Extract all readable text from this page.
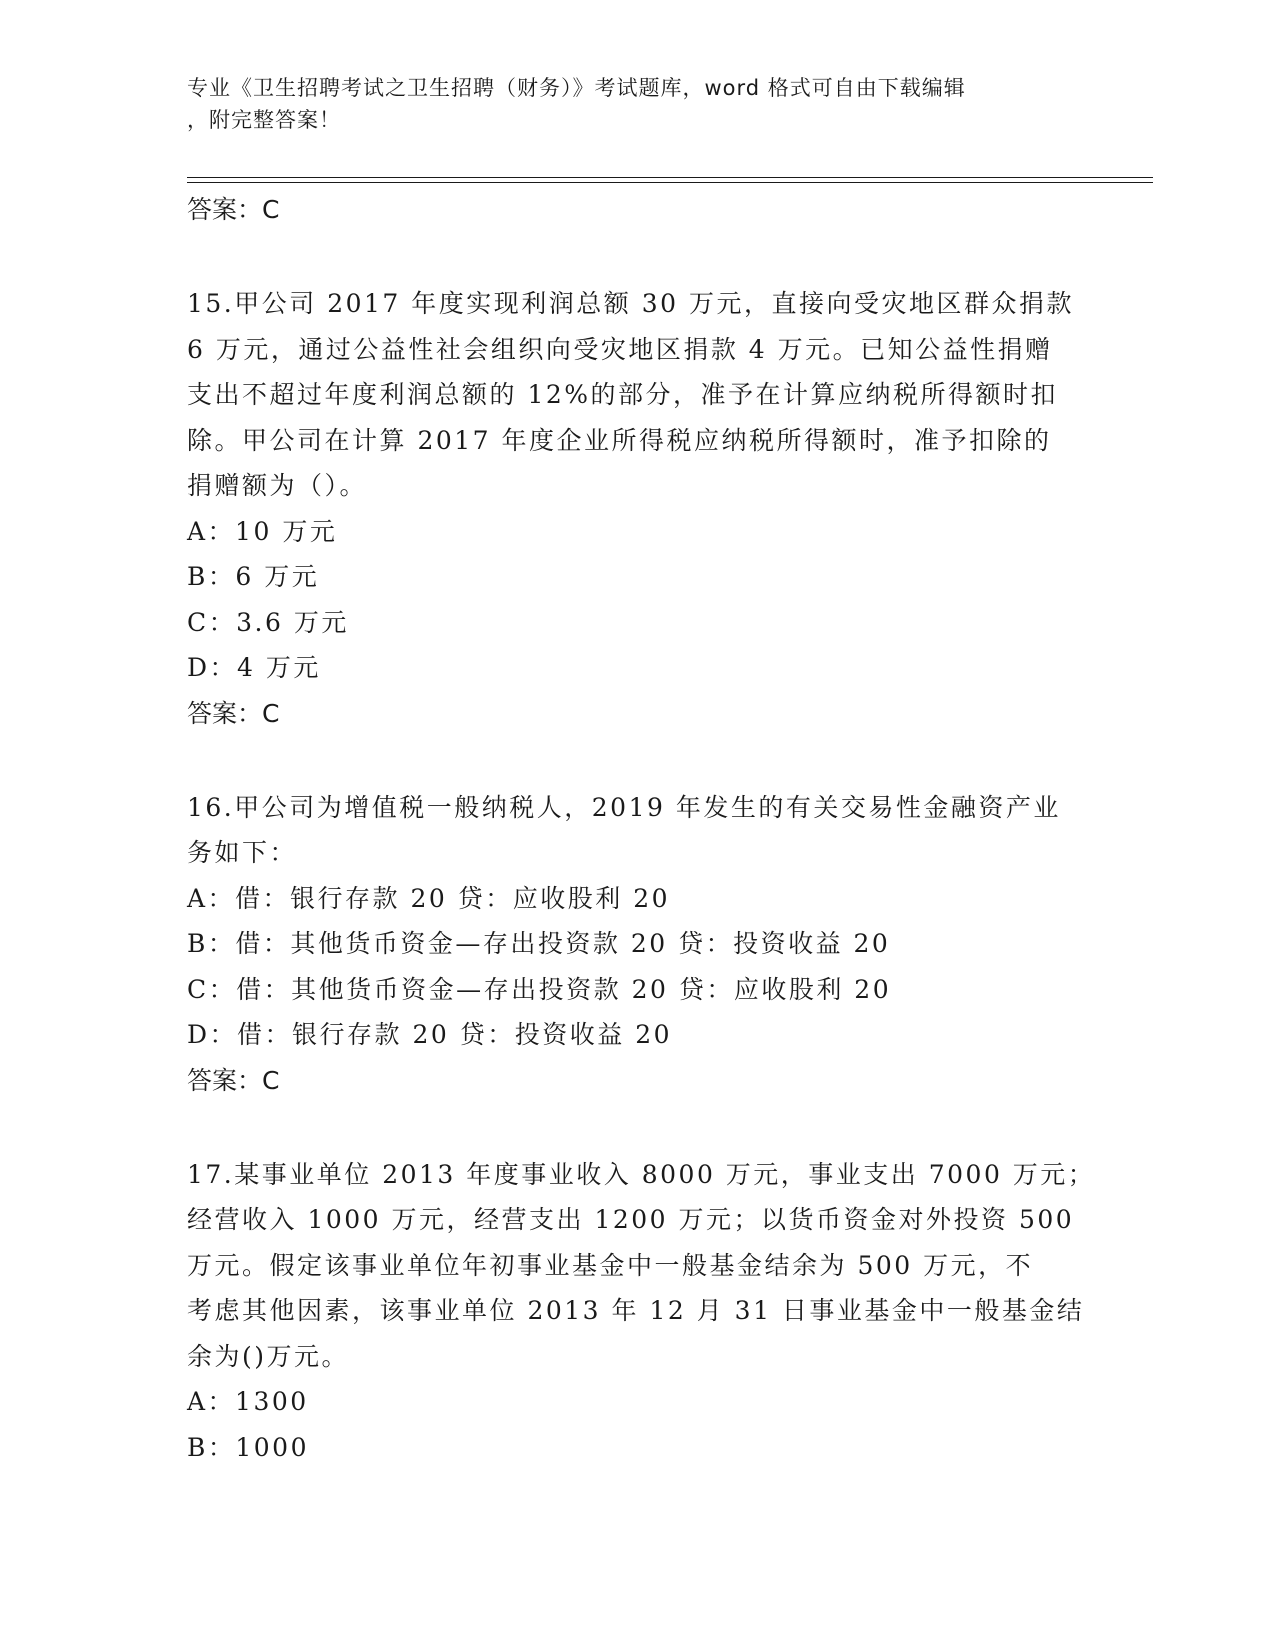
专业《卫生招聘考试之卫生招聘（财务）》考试题库，word 格式可自由下载编辑
，附完整答案！
答案：C
15.甲公司 2017 年度实现利润总额 30 万元，直接向受灾地区群众捐款
6 万元，通过公益性社会组织向受灾地区捐款 4 万元。已知公益性捐赠
支出不超过年度利润总额的 12%的部分，准予在计算应纳税所得额时扣
除。甲公司在计算 2017 年度企业所得税应纳税所得额时，准予扣除的
捐赠额为（）。
A：10 万元
B：6 万元
C：3.6 万元
D：4 万元
答案：C
16.甲公司为增值税一般纳税人，2019 年发生的有关交易性金融资产业
务如下：
A：借：银行存款 20 贷：应收股利 20
B：借：其他货币资金—存出投资款 20 贷：投资收益 20
C：借：其他货币资金—存出投资款 20 贷：应收股利 20
D：借：银行存款 20 贷：投资收益 20
答案：C
17.某事业单位 2013 年度事业收入 8000 万元，事业支出 7000 万元；
经营收入 1000 万元，经营支出 1200 万元；以货币资金对外投资 500
万元。假定该事业单位年初事业基金中一般基金结余为 500 万元，不
考虑其他因素，该事业单位 2013 年 12 月 31 日事业基金中一般基金结
余为()万元。
A：1300
B：1000
